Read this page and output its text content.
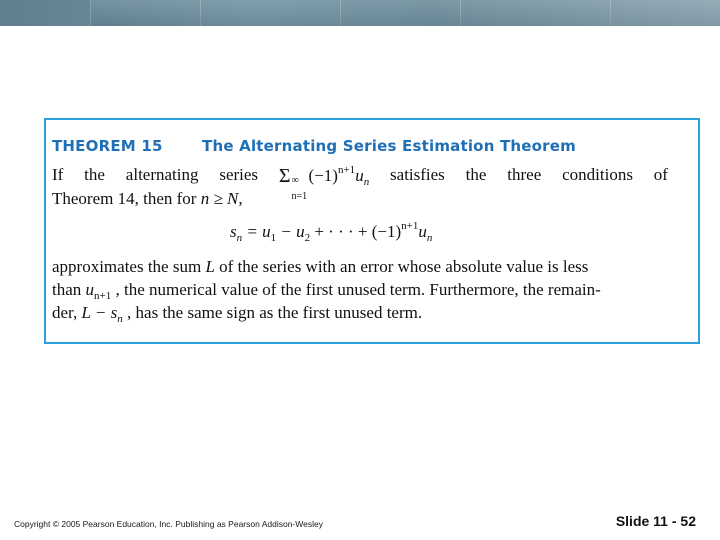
THEOREM 15	The Alternating Series Estimation Theorem
If the alternating series Σ ∞
n=1
$(-1)^{n+1}u_n$ satisfies the three conditions of
Theorem 14, then for n ≥ N,
$s_n = u_1 - u_2$ + · · · + $(-1)^{n+1}u_n$
approximates the sum L of the series with an error whose absolute value is less
than $u_{n+1}$ , the numerical value of the first unused term. Furthermore, the remain-
der, $L - s_n$ , has the same sign as the first unused term.
Copyright © 2005 Pearson Education, Inc. Publishing as Pearson Addison-Wesley	Slide 11 - 52
